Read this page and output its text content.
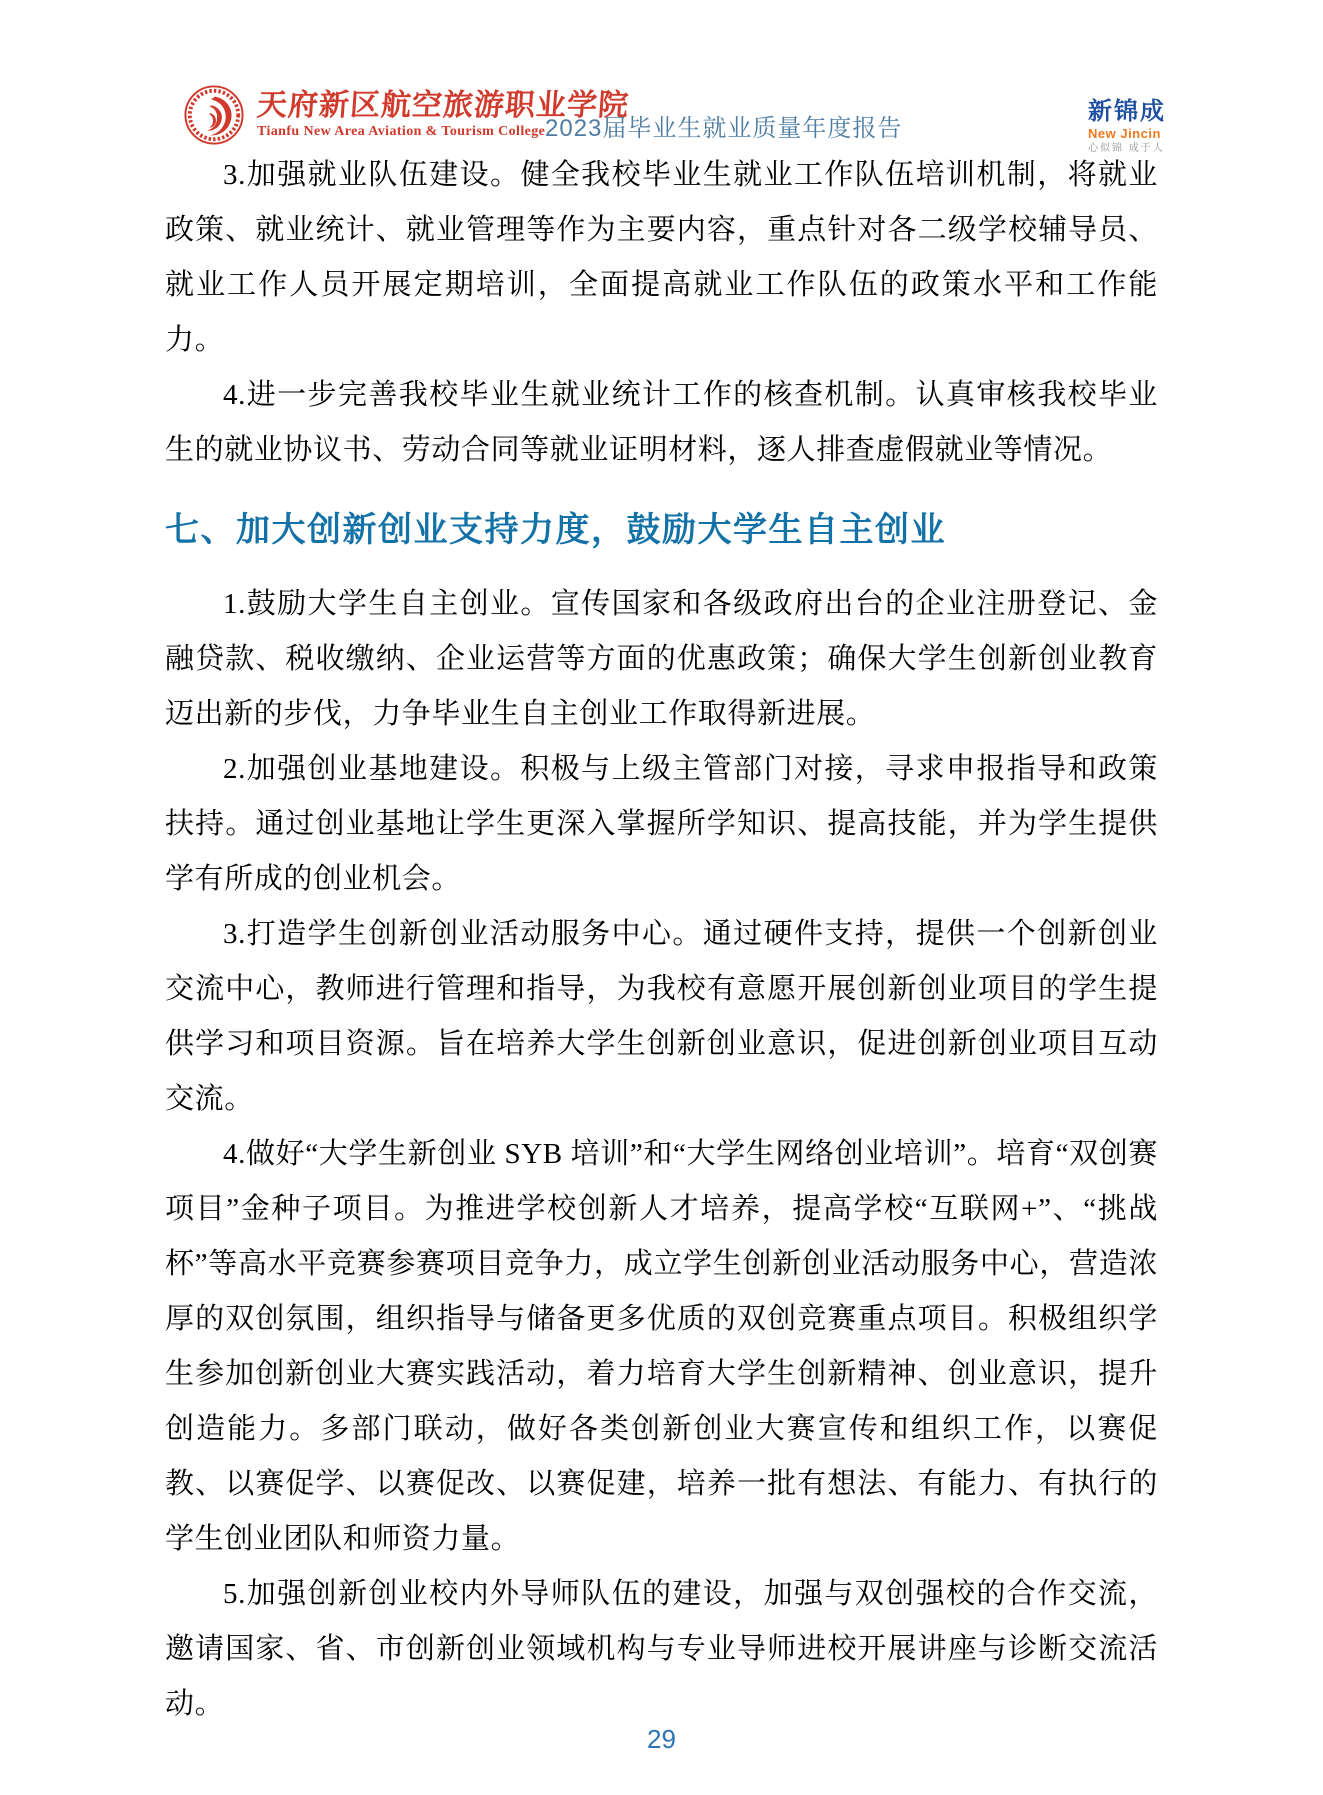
天府新区航空旅游职业学院
Tianfu New Area Aviation & Tourism College 2023届毕业生就业质量年度报告
新锦成
New Jincin
心似锦 成于人

3.加强就业队伍建设。健全我校毕业生就业工作队伍培训机制，将就业政策、就业统计、就业管理等作为主要内容，重点针对各二级学校辅导员、就业工作人员开展定期培训，全面提高就业工作队伍的政策水平和工作能力。

4.进一步完善我校毕业生就业统计工作的核查机制。认真审核我校毕业生的就业协议书、劳动合同等就业证明材料，逐人排查虚假就业等情况。

七、加大创新创业支持力度，鼓励大学生自主创业

1.鼓励大学生自主创业。宣传国家和各级政府出台的企业注册登记、金融贷款、税收缴纳、企业运营等方面的优惠政策；确保大学生创新创业教育迈出新的步伐，力争毕业生自主创业工作取得新进展。

2.加强创业基地建设。积极与上级主管部门对接，寻求申报指导和政策扶持。通过创业基地让学生更深入掌握所学知识、提高技能，并为学生提供学有所成的创业机会。

3.打造学生创新创业活动服务中心。通过硬件支持，提供一个创新创业交流中心，教师进行管理和指导，为我校有意愿开展创新创业项目的学生提供学习和项目资源。旨在培养大学生创新创业意识，促进创新创业项目互动交流。

4.做好“大学生新创业 SYB 培训”和“大学生网络创业培训”。培育“双创赛项目”金种子项目。为推进学校创新人才培养，提高学校“互联网+”、“挑战杯”等高水平竞赛参赛项目竞争力，成立学生创新创业活动服务中心，营造浓厚的双创氛围，组织指导与储备更多优质的双创竞赛重点项目。积极组织学生参加创新创业大赛实践活动，着力培育大学生创新精神、创业意识，提升创造能力。多部门联动，做好各类创新创业大赛宣传和组织工作，以赛促教、以赛促学、以赛促改、以赛促建，培养一批有想法、有能力、有执行的学生创业团队和师资力量。

5.加强创新创业校内外导师队伍的建设，加强与双创强校的合作交流，邀请国家、省、市创新创业领域机构与专业导师进校开展讲座与诊断交流活动。

29
